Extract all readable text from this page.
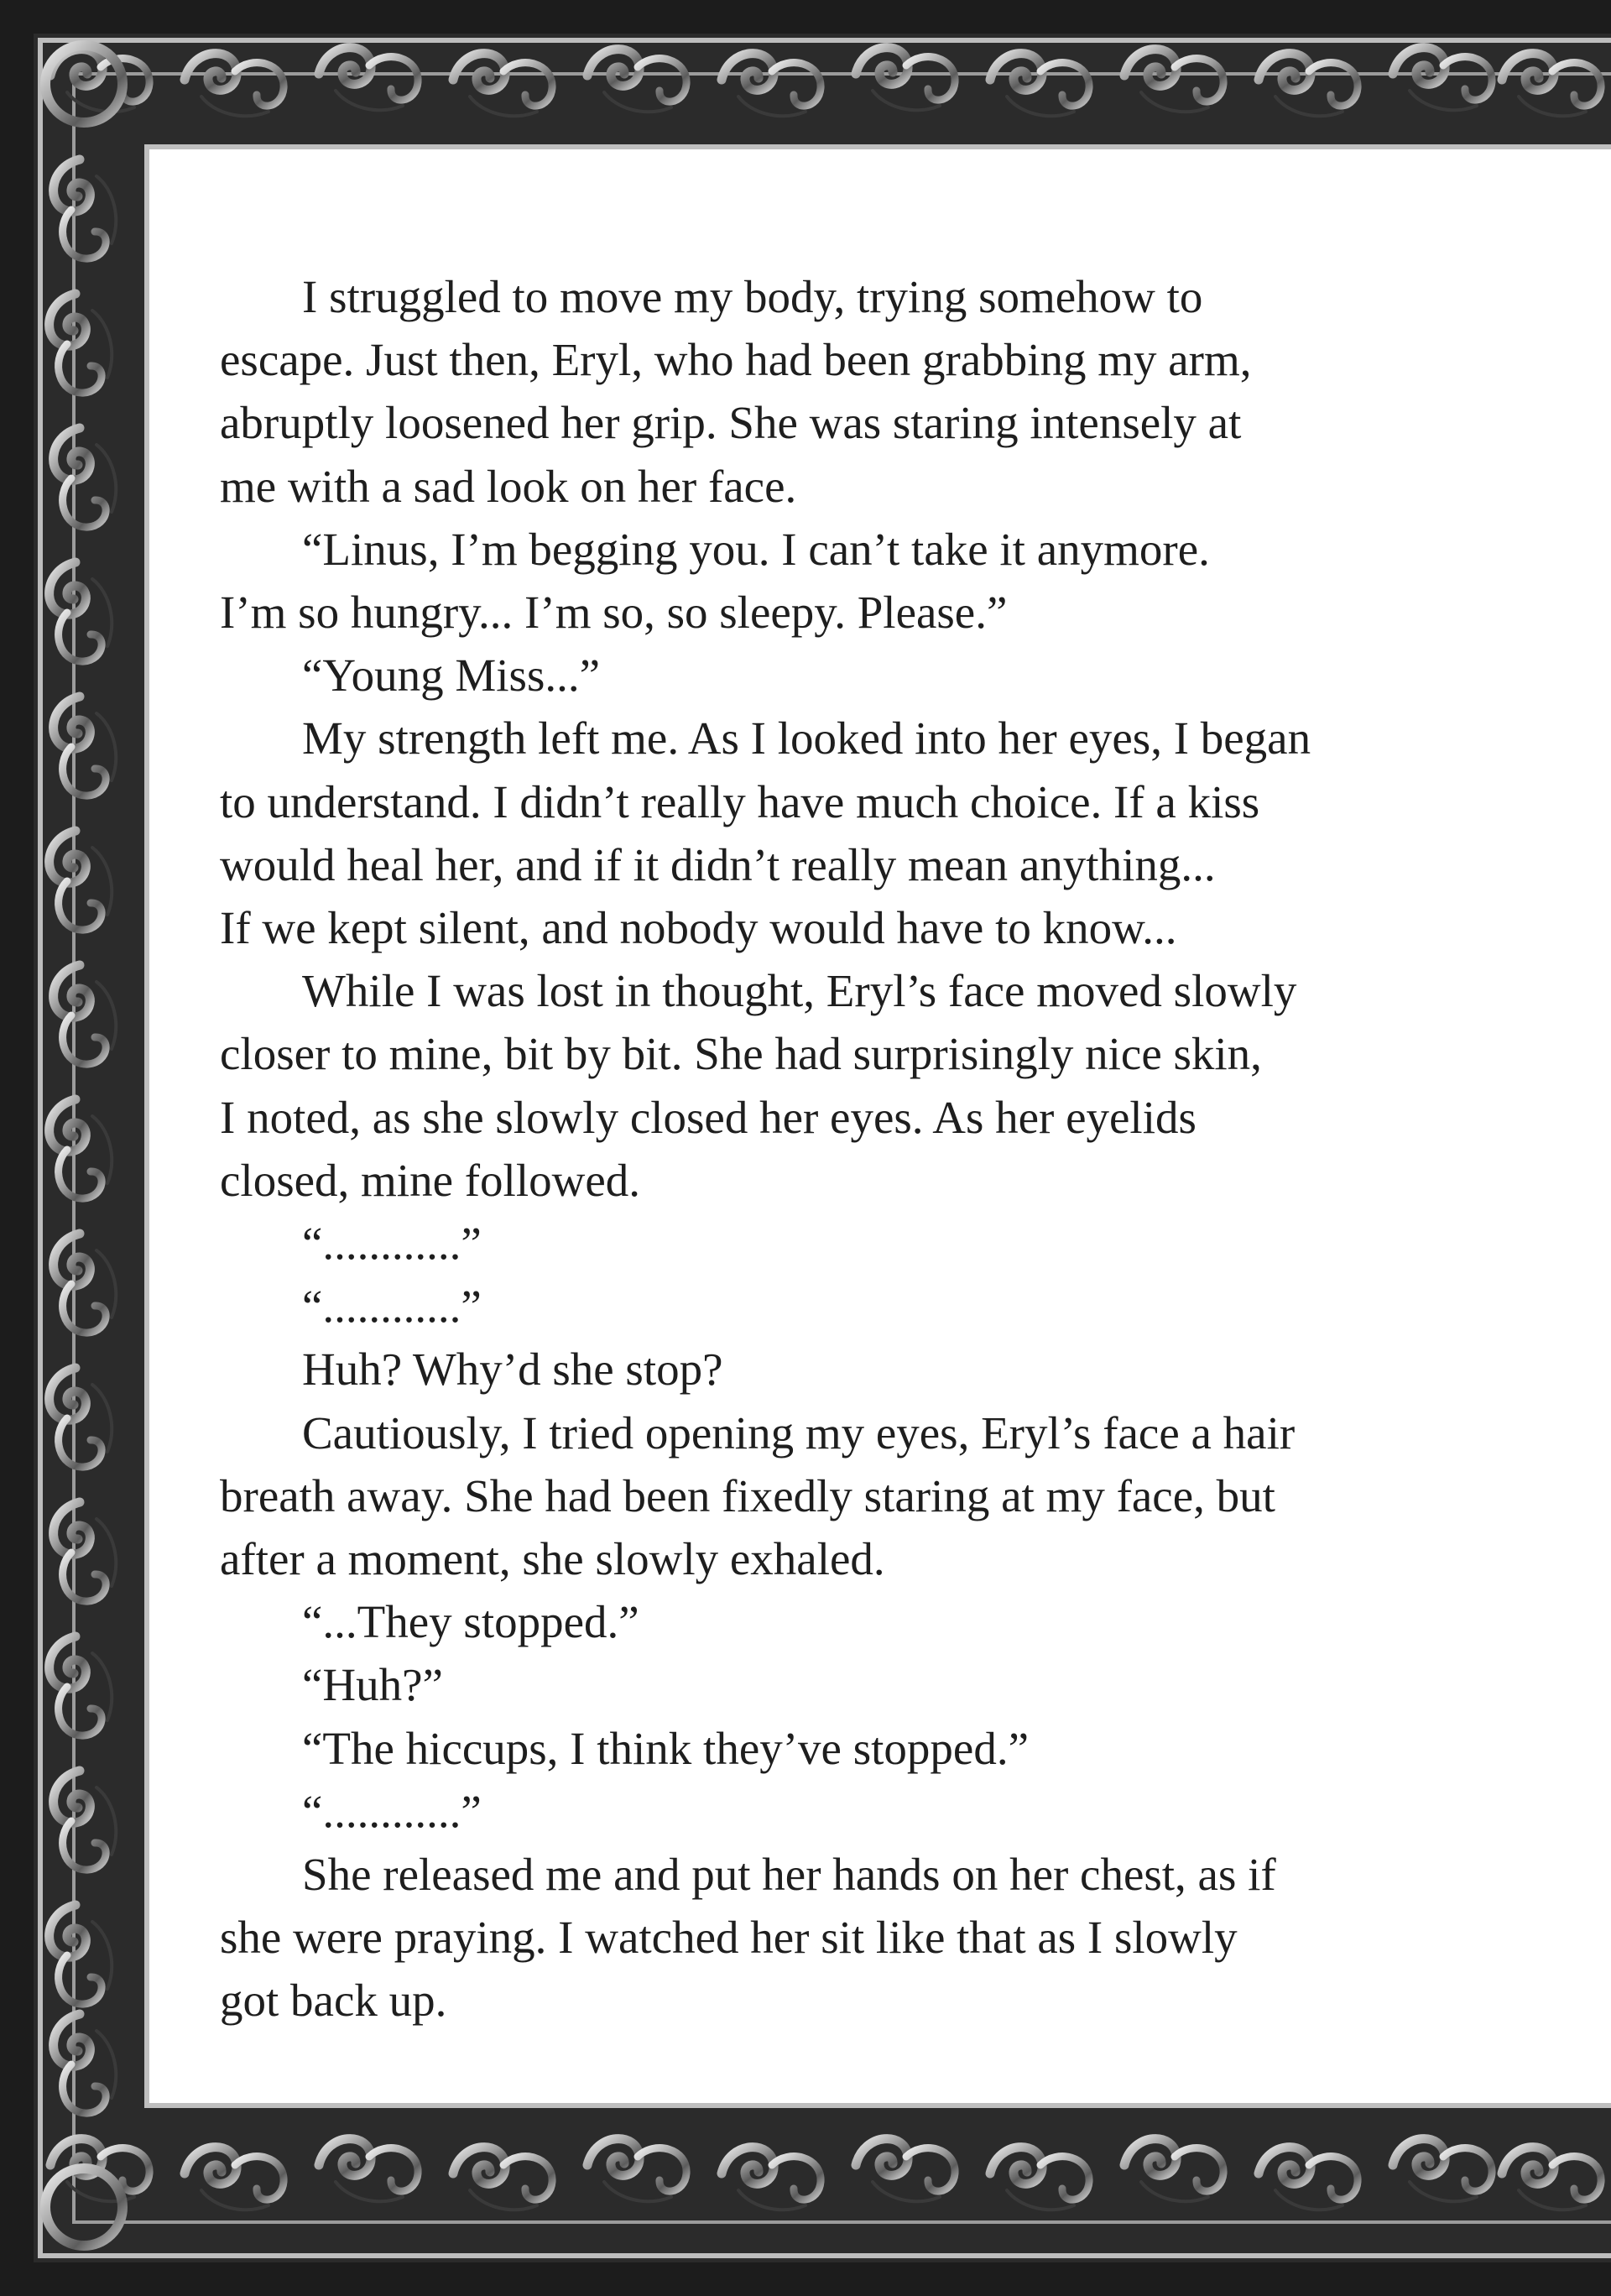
I struggled to move my body, trying somehow to
escape. Just then, Eryl, who had been grabbing my arm,
abruptly loosened her grip. She was staring intensely at
me with a sad look on her face.

“Linus, I’m begging you. I can’t take it anymore.
I’m so hungry... I’m so, so sleepy. Please.”

“Young Miss...”

My strength left me. As I looked into her eyes, I began
to understand. I didn’t really have much choice. If a kiss
would heal her, and if it didn’t really mean anything...
If we kept silent, and nobody would have to know...

While I was lost in thought, Eryl’s face moved slowly
closer to mine, bit by bit. She had surprisingly nice skin,
I noted, as she slowly closed her eyes. As her eyelids
closed, mine followed.

“............”

“............”

Huh? Why’d she stop?

Cautiously, I tried opening my eyes, Eryl’s face a hair
breath away. She had been fixedly staring at my face, but
after a moment, she slowly exhaled.

“...They stopped.”

“Huh?”

“The hiccups, I think they’ve stopped.”

“............”

She released me and put her hands on her chest, as if
she were praying. I watched her sit like that as I slowly
got back up.
